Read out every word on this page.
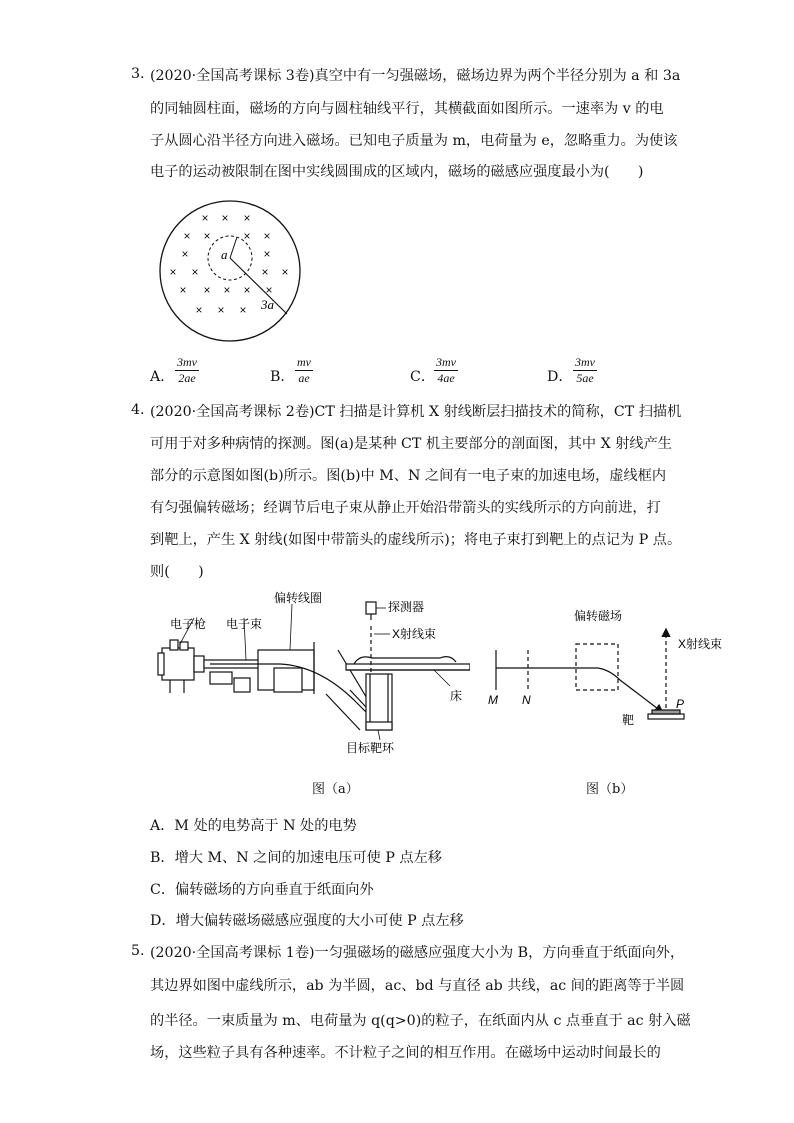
3. (2020·全国高考课标 3卷)真空中有一匀强磁场，磁场边界为两个半径分别为 a 和 3a
的同轴圆柱面，磁场的方向与圆柱轴线平行，其横截面如图所示。一速率为 v 的电
子从圆心沿半径方向进入磁场。已知电子质量为 m，电荷量为 e，忽略重力。为使该
电子的运动被限制在图中实线圆围成的区域内，磁场的磁感应强度最小为(　　)
× × ×
× ×	× ×
×	×
× ×	× ×
× × × × ×
× × ×
a
3a
A． $\frac{3mv}{2ae}$	B． $\frac{mv}{ae}$	C．
$\frac{3mv}{4ae}$	D． $\frac{3mv}{5ae}$
4. (2020·全国高考课标 2卷)CT 扫描是计算机 X 射线断层扫描技术的简称，CT 扫描机
可用于对多种病情的探测。图(a)是某种 CT 机主要部分的剖面图，其中 X 射线产生
部分的示意图如图(b)所示。图(b)中 M、N 之间有一电子束的加速电场，虚线框内
有匀强偏转磁场；经调节后电子束从静止开始沿带箭头的实线所示的方向前进，打
到靶上，产生 X 射线(如图中带箭头的虚线所示)；将电子束打到靶上的点记为 P 点。
则(　　)
偏转线圈
探测器
电子枪 电子束
X射线束
床
目标靶环
图（a）
偏转磁场
X射线束
M N	P
靶
图（b）
A．M 处的电势高于 N 处的电势
B．增大 M、N 之间的加速电压可使 P 点左移
C．偏转磁场的方向垂直于纸面向外
D．增大偏转磁场磁感应强度的大小可使 P 点左移
5. (2020·全国高考课标 1卷)一匀强磁场的磁感应强度大小为 B，方向垂直于纸面向外，
其边界如图中虚线所示，ab 为半圆，ac、bd 与直径 ab 共线，ac 间的距离等于半圆
的半径。一束质量为 m、电荷量为 q(q>0)的粒子，在纸面内从 c 点垂直于 ac 射入磁
场，这些粒子具有各种速率。不计粒子之间的相互作用。在磁场中运动时间最长的
